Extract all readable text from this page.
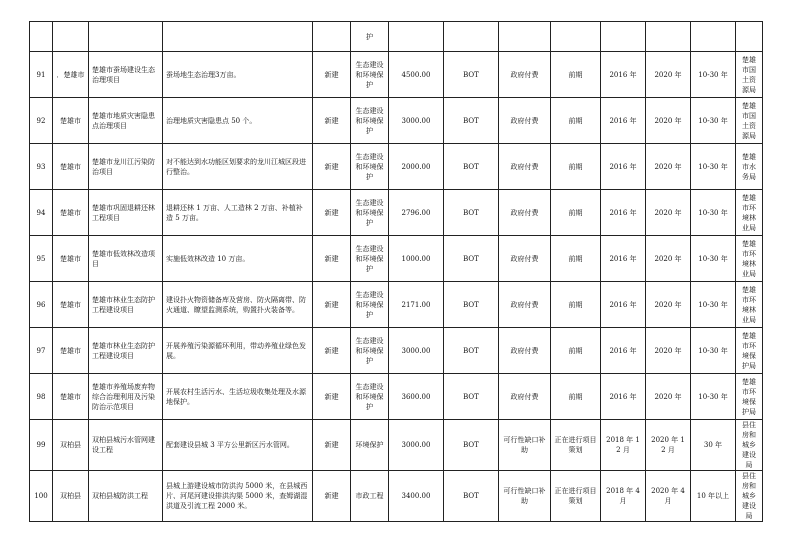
					护								
91	．楚雄市	楚雄市蚕场建设生态治理项目	蚕场地生态治理3万亩。	新建	生态建设和环境保护	4500.00	BOT	政府付费	前期	2016 年	2020 年	10-30 年	楚雄市国土资源局
92	楚雄市	楚雄市地质灾害隐患点治理项目	治理地质灾害隐患点 50 个。	新建	生态建设和环境保护	3000.00	BOT	政府付费	前期	2016 年	2020 年	10-30 年	楚雄市国土资源局
93	楚雄市	楚雄市龙川江污染防治项目	对不能达到水功能区划要求的龙川江城区段进行整治。	新建	生态建设和环境保护	2000.00	BOT	政府付费	前期	2016 年	2020 年	10-30 年	楚雄市水务局
94	楚雄市	楚雄市巩固退耕还林工程项目	退耕还林 1 万亩、人工造林 2 万亩、补植补造 5 万亩。	新建	生态建设和环境保护	2796.00	BOT	政府付费	前期	2016 年	2020 年	10-30 年	楚雄市环境林业局
95	楚雄市	楚雄市低效林改造项目	实施低效林改造 10 万亩。	新建	生态建设和环境保护	1000.00	BOT	政府付费	前期	2016 年	2020 年	10-30 年	楚雄市环境林业局
96	楚雄市	楚雄市林业生态防护工程建设项目	建设扑火物资储备库及营房、防火隔离带、防火通道、瞭望监测系统，购置扑火装备等。	新建	生态建设和环境保护	2171.00	BOT	政府付费	前期	2016 年	2020 年	10-30 年	楚雄市环境林业局
97	楚雄市	楚雄市林业生态防护工程建设项目	开展养殖污染源循环利用，带动养殖业绿色发展。	新建	生态建设和环境保护	3000.00	BOT	政府付费	前期	2016 年	2020 年	10-30 年	楚雄市环境保护局
98	楚雄市	楚雄市养殖场废弃物综合治理利用及污染防治示范项目	开展农村生活污水、生活垃圾收集处理及水源地保护。	新建	生态建设和环境保护	3600.00	BOT	政府付费	前期	2016 年	2020 年	10-30 年	楚雄市环境保护局
99	双柏县	双柏县城污水管网建设工程	配套建设县城 3 平方公里新区污水管网。	新建	环境保护	3000.00	BOT	可行性缺口补助	正在进行项目策划	2018 年 12 月	2020 年 12 月	30 年	县住房和城乡建设局
100	双柏县	双柏县城防洪工程	县城上游建设城市防洪沟 5000 米，在县城西片、河尾河建设排洪沟渠 5000 米，查姆湖湿洪道及引流工程 2000 米。	新建	市政工程	3400.00	BOT	可行性缺口补助	正在进行项目策划	2018 年 4 月	2020 年 4 月	10 年以上	县住房和城乡建设局
